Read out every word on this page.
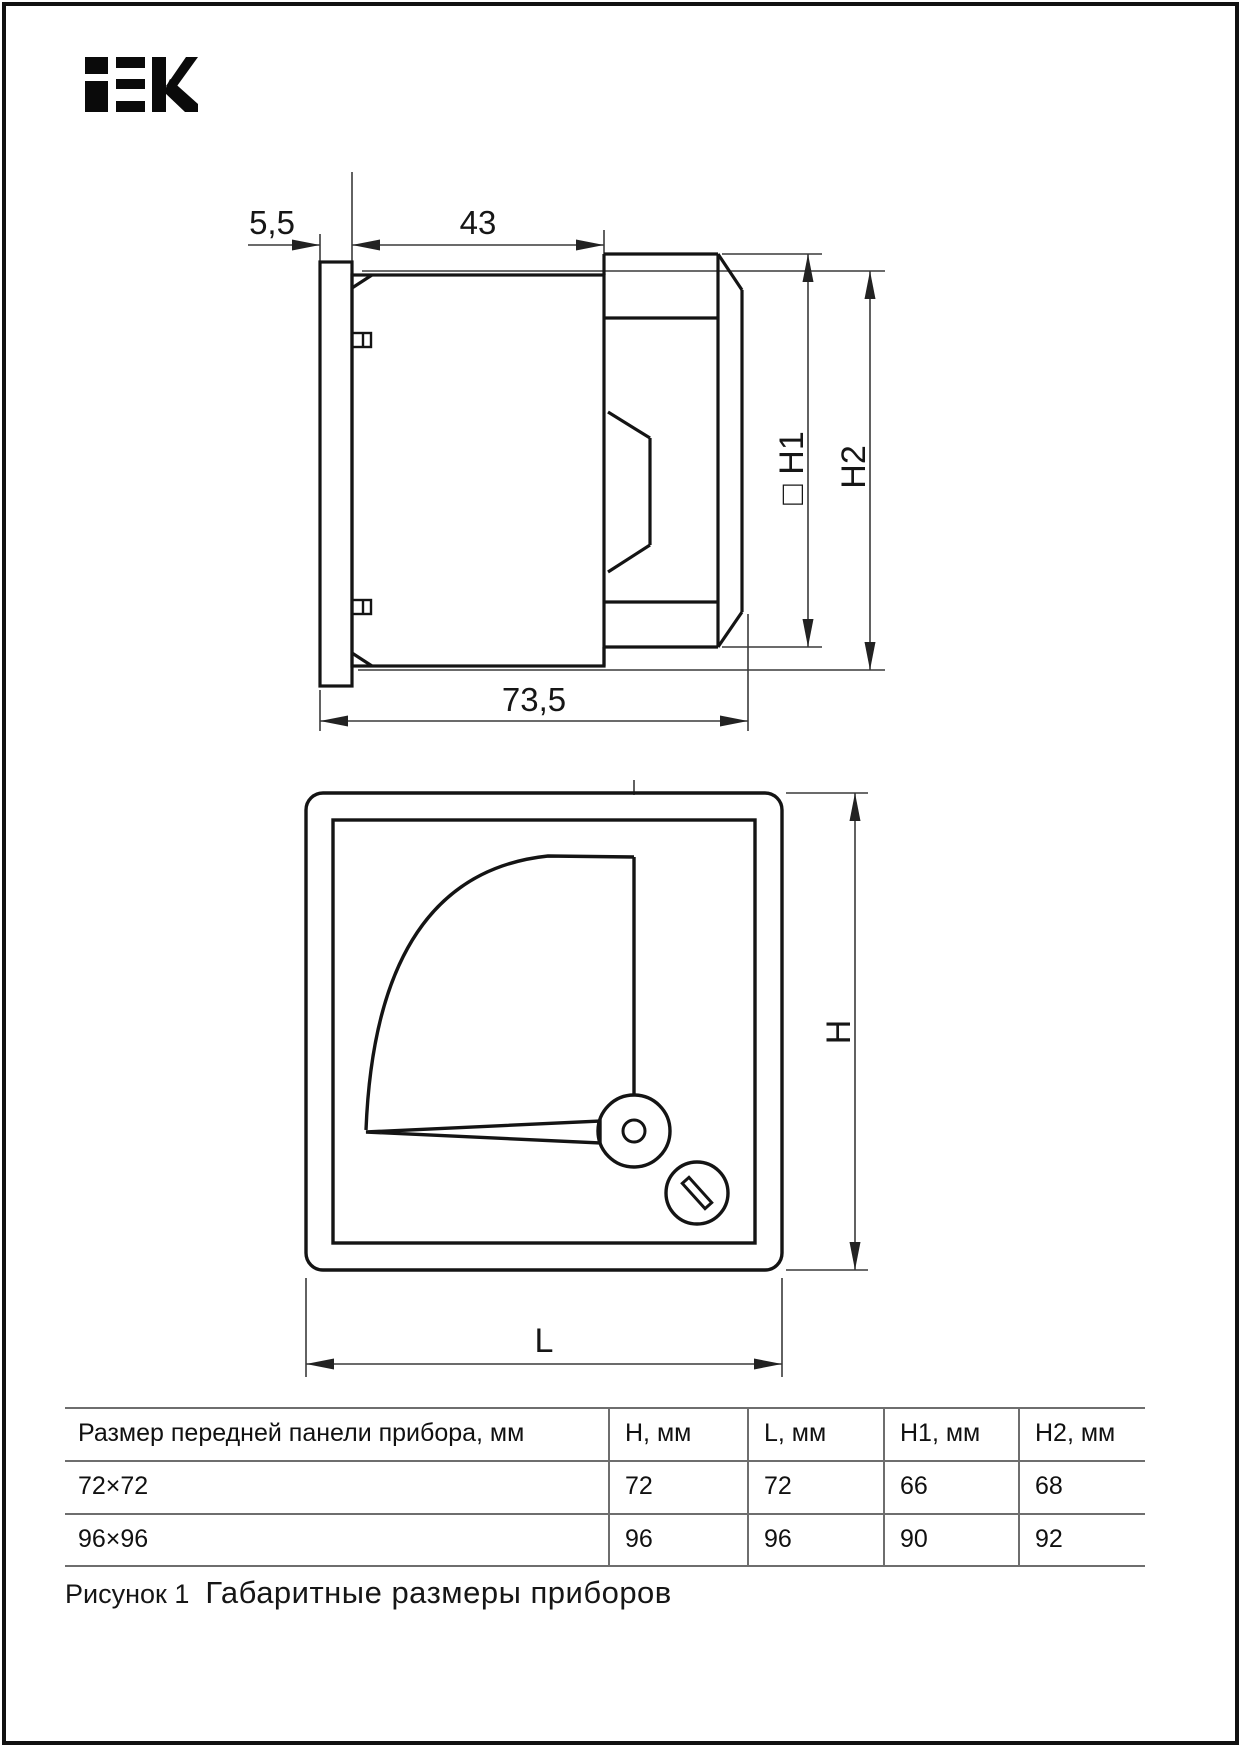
5,5	43
73,5
□ H1 H2
H
L
Размер передней панели прибора, мм	H, мм	L, мм	H1, мм	H2, мм
72×72	72	72	66	68
96×96	96	96	90	92
Рисунок 1 Габаритные размеры приборов
